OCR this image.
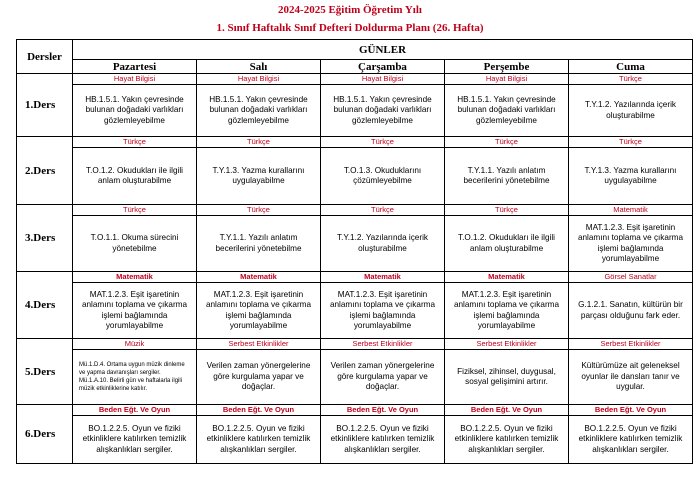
2024-2025 Eğitim Öğretim Yılı
1. Sınıf Haftalık Sınıf Defteri Doldurma Planı (26. Hafta)
Dersler	GÜNLER				
	Pazartesi	Salı	Çarşamba	Perşembe	Cuma
1.Ders	Hayat Bilgisi	Hayat Bilgisi	Hayat Bilgisi	Hayat Bilgisi	Türkçe
	HB.1.5.1. Yakın çevresinde bulunan doğadaki varlıkları gözlemleyebilme	HB.1.5.1. Yakın çevresinde bulunan doğadaki varlıkları gözlemleyebilme	HB.1.5.1. Yakın çevresinde bulunan doğadaki varlıkları gözlemleyebilme	HB.1.5.1. Yakın çevresinde bulunan doğadaki varlıkları gözlemleyebilme	T.Y.1.2. Yazılarında içerik oluşturabilme
2.Ders	Türkçe	Türkçe	Türkçe	Türkçe	Türkçe
	T.O.1.2. Okudukları ile ilgili anlam oluşturabilme	T.Y.1.3. Yazma kurallarını uygulayabilme	T.O.1.3. Okuduklarını çözümleyebilme	T.Y.1.1. Yazılı anlatım becerilerini yönetebilme	T.Y.1.3. Yazma kurallarını uygulayabilme
3.Ders	Türkçe	Türkçe	Türkçe	Türkçe	Matematik
	T.O.1.1. Okuma sürecini yönetebilme	T.Y.1.1. Yazılı anlatım becerilerini yönetebilme	T.Y.1.2. Yazılarında içerik oluşturabilme	T.O.1.2. Okudukları ile ilgili anlam oluşturabilme	MAT.1.2.3. Eşit işaretinin anlamını toplama ve çıkarma işlemi bağlamında yorumlayabilme
4.Ders	Matematik	Matematik	Matematik	Matematik	Görsel Sanatlar
	MAT.1.2.3. Eşit işaretinin anlamını toplama ve çıkarma işlemi bağlamında yorumlayabilme	MAT.1.2.3. Eşit işaretinin anlamını toplama ve çıkarma işlemi bağlamında yorumlayabilme	MAT.1.2.3. Eşit işaretinin anlamını toplama ve çıkarma işlemi bağlamında yorumlayabilme	MAT.1.2.3. Eşit işaretinin anlamını toplama ve çıkarma işlemi bağlamında yorumlayabilme	G.1.2.1. Sanatın, kültürün bir parçası olduğunu fark eder.
5.Ders	Müzik	Serbest Etkinlikler	Serbest Etkinlikler	Serbest Etkinlikler	Serbest Etkinlikler
	Mü.1.D.4. Ortama uygun müzik dinleme ve yapma davranışları sergiler. Mü.1.A.10. Belirli gün ve haftalarla ilgili müzik etkinliklerine katılır.	Verilen zaman yönergelerine göre kurgulama yapar ve doğaçlar.	Verilen zaman yönergelerine göre kurgulama yapar ve doğaçlar.	Fiziksel, zihinsel, duygusal, sosyal gelişimini artırır.	Kültürümüze ait geleneksel oyunlar ile dansları tanır ve uygular.
6.Ders	Beden Eğt. Ve Oyun	Beden Eğt. Ve Oyun	Beden Eğt. Ve Oyun	Beden Eğt. Ve Oyun	Beden Eğt. Ve Oyun
	BO.1.2.2.5. Oyun ve fiziki etkinliklere katılırken temizlik alışkanlıkları sergiler.	BO.1.2.2.5. Oyun ve fiziki etkinliklere katılırken temizlik alışkanlıkları sergiler.	BO.1.2.2.5. Oyun ve fiziki etkinliklere katılırken temizlik alışkanlıkları sergiler.	BO.1.2.2.5. Oyun ve fiziki etkinliklere katılırken temizlik alışkanlıkları sergiler.	BO.1.2.2.5. Oyun ve fiziki etkinliklere katılırken temizlik alışkanlıkları sergiler.
